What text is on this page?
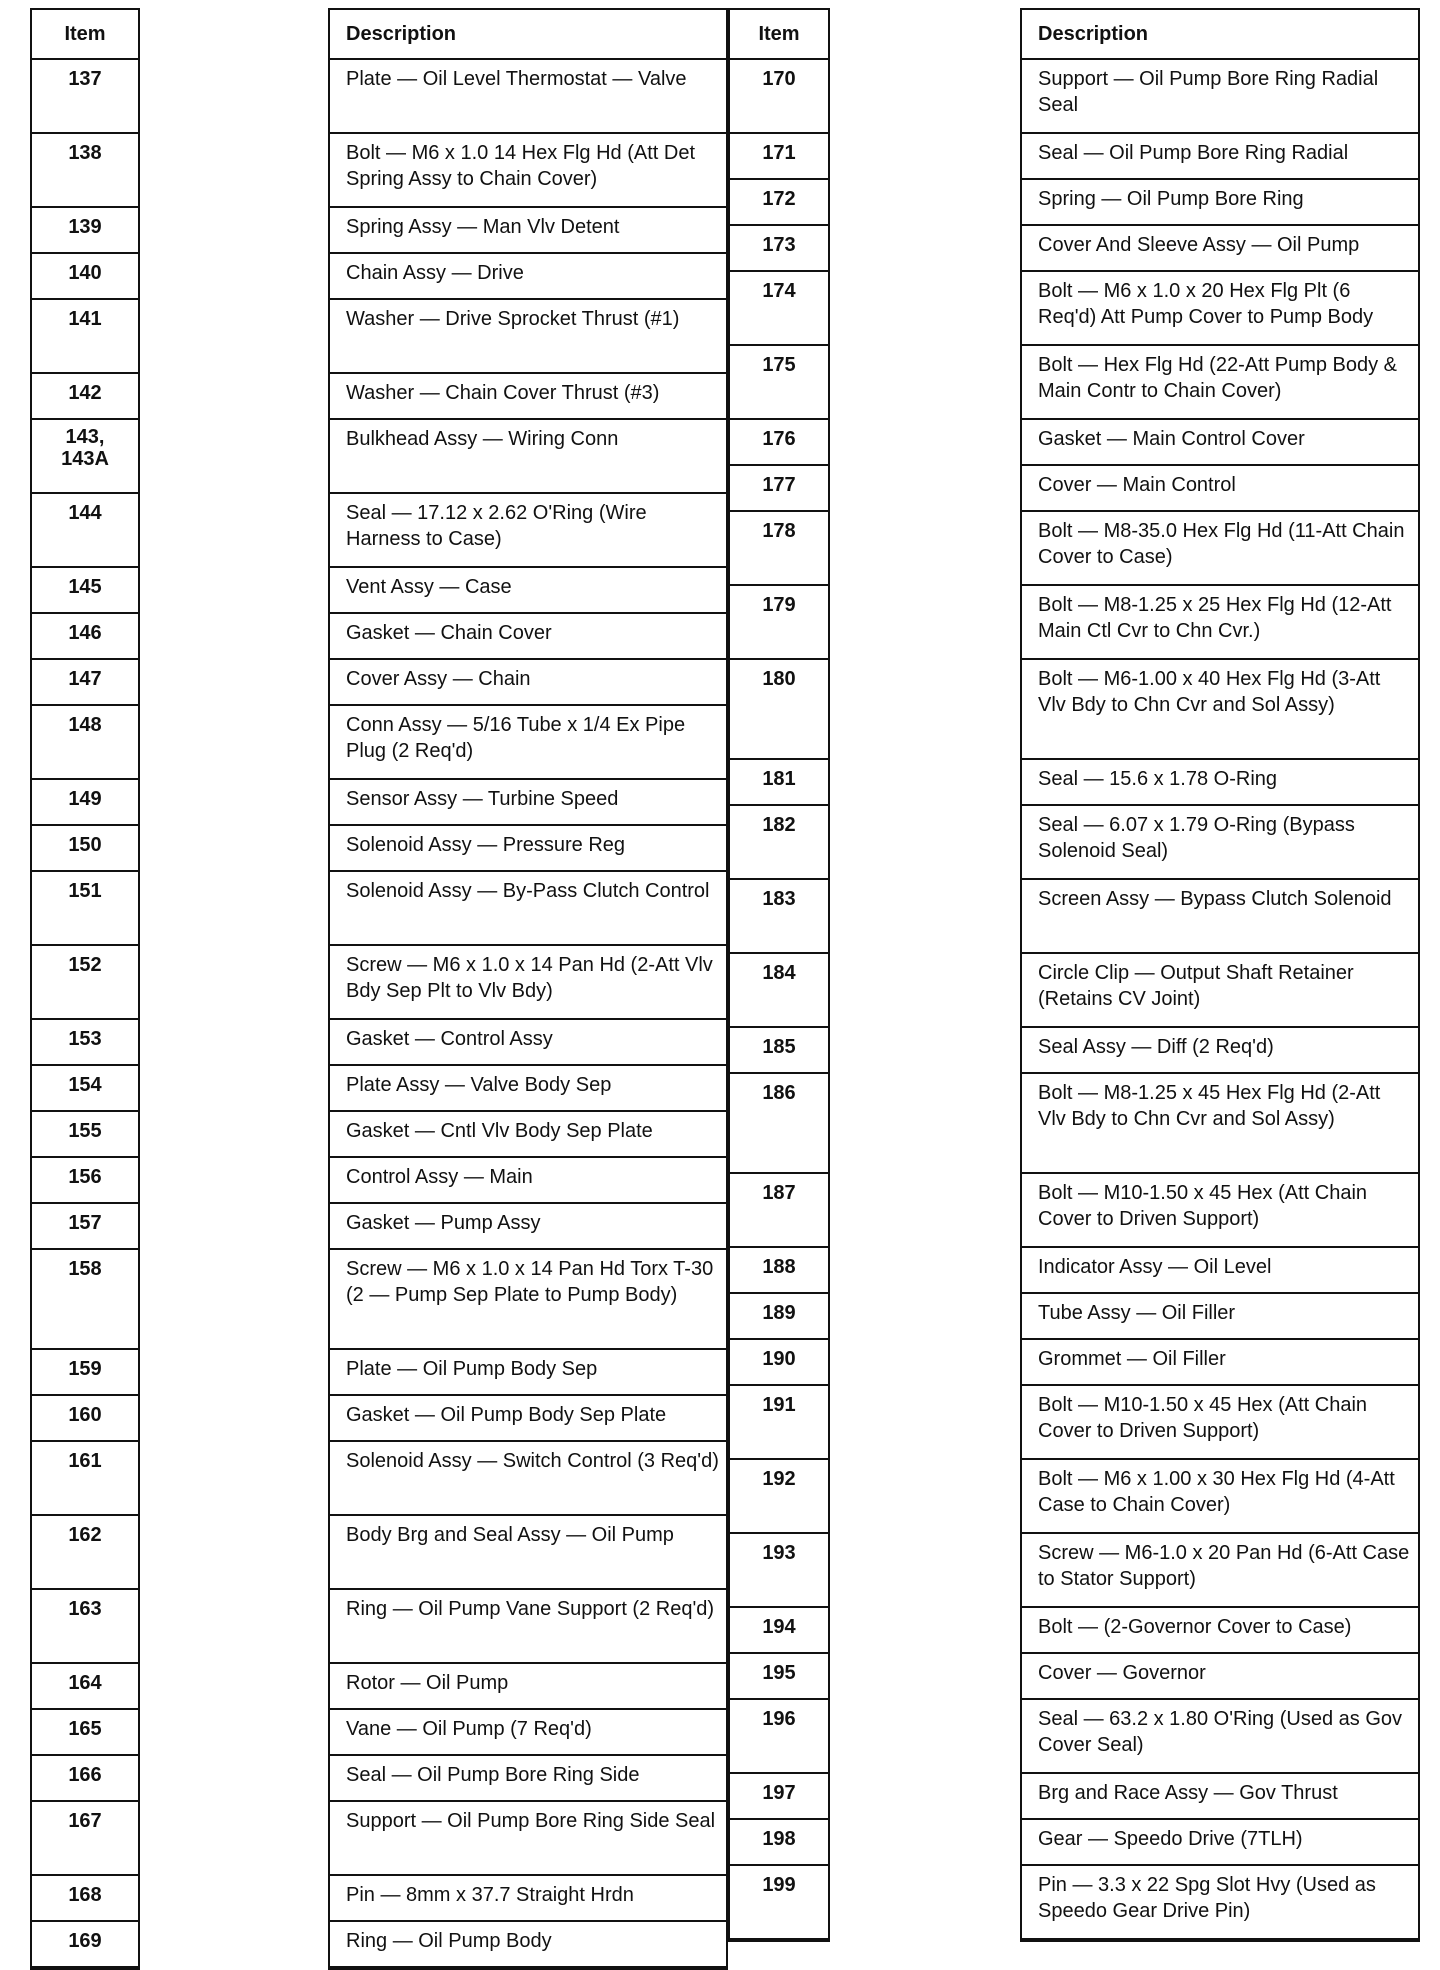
Item
137
138
139
140
141
142
143, 143A
144
145
146
147
148
149
150
151
152
153
154
155
156
157
158
159
160
161
162
163
164
165
166
167
168
169
Description
Plate — Oil Level Thermostat — Valve
Bolt — M6 x 1.0 14 Hex Flg Hd (Att Det Spring Assy to Chain Cover)
Spring Assy — Man Vlv Detent
Chain Assy — Drive
Washer — Drive Sprocket Thrust (#1)
Washer — Chain Cover Thrust (#3)
Bulkhead Assy — Wiring Conn
Seal — 17.12 x 2.62 O'Ring (Wire Harness to Case)
Vent Assy — Case
Gasket — Chain Cover
Cover Assy — Chain
Conn Assy — 5/16 Tube x 1/4 Ex Pipe Plug (2 Req'd)
Sensor Assy — Turbine Speed
Solenoid Assy — Pressure Reg
Solenoid Assy — By-Pass Clutch Control
Screw — M6 x 1.0 x 14 Pan Hd (2-Att Vlv Bdy Sep Plt to Vlv Bdy)
Gasket — Control Assy
Plate Assy — Valve Body Sep
Gasket — Cntl Vlv Body Sep Plate
Control Assy — Main
Gasket — Pump Assy
Screw — M6 x 1.0 x 14 Pan Hd Torx T-30 (2 — Pump Sep Plate to Pump Body)
Plate — Oil Pump Body Sep
Gasket — Oil Pump Body Sep Plate
Solenoid Assy — Switch Control (3 Req'd)
Body Brg and Seal Assy — Oil Pump
Ring — Oil Pump Vane Support (2 Req'd)
Rotor — Oil Pump
Vane — Oil Pump (7 Req'd)
Seal — Oil Pump Bore Ring Side
Support — Oil Pump Bore Ring Side Seal
Pin — 8mm x 37.7 Straight Hrdn
Ring — Oil Pump Body
Item
170
171
172
173
174
175
176
177
178
179
180
181
182
183
184
185
186
187
188
189
190
191
192
193
194
195
196
197
198
199
Description
Support — Oil Pump Bore Ring Radial Seal
Seal — Oil Pump Bore Ring Radial
Spring — Oil Pump Bore Ring
Cover And Sleeve Assy — Oil Pump
Bolt — M6 x 1.0 x 20 Hex Flg Plt (6 Req'd) Att Pump Cover to Pump Body
Bolt — Hex Flg Hd (22-Att Pump Body & Main Contr to Chain Cover)
Gasket — Main Control Cover
Cover — Main Control
Bolt — M8-35.0 Hex Flg Hd (11-Att Chain Cover to Case)
Bolt — M8-1.25 x 25 Hex Flg Hd (12-Att Main Ctl Cvr to Chn Cvr.)
Bolt — M6-1.00 x 40 Hex Flg Hd (3-Att Vlv Bdy to Chn Cvr and Sol Assy)
Seal — 15.6 x 1.78 O-Ring
Seal — 6.07 x 1.79 O-Ring (Bypass Solenoid Seal)
Screen Assy — Bypass Clutch Solenoid
Circle Clip — Output Shaft Retainer (Retains CV Joint)
Seal Assy — Diff (2 Req'd)
Bolt — M8-1.25 x 45 Hex Flg Hd (2-Att Vlv Bdy to Chn Cvr and Sol Assy)
Bolt — M10-1.50 x 45 Hex (Att Chain Cover to Driven Support)
Indicator Assy — Oil Level
Tube Assy — Oil Filler
Grommet — Oil Filler
Bolt — M10-1.50 x 45 Hex (Att Chain Cover to Driven Support)
Bolt — M6 x 1.00 x 30 Hex Flg Hd (4-Att Case to Chain Cover)
Screw — M6-1.0 x 20 Pan Hd (6-Att Case to Stator Support)
Bolt — (2-Governor Cover to Case)
Cover — Governor
Seal — 63.2 x 1.80 O'Ring (Used as Gov Cover Seal)
Brg and Race Assy — Gov Thrust
Gear — Speedo Drive (7TLH)
Pin — 3.3 x 22 Spg Slot Hvy (Used as Speedo Gear Drive Pin)
